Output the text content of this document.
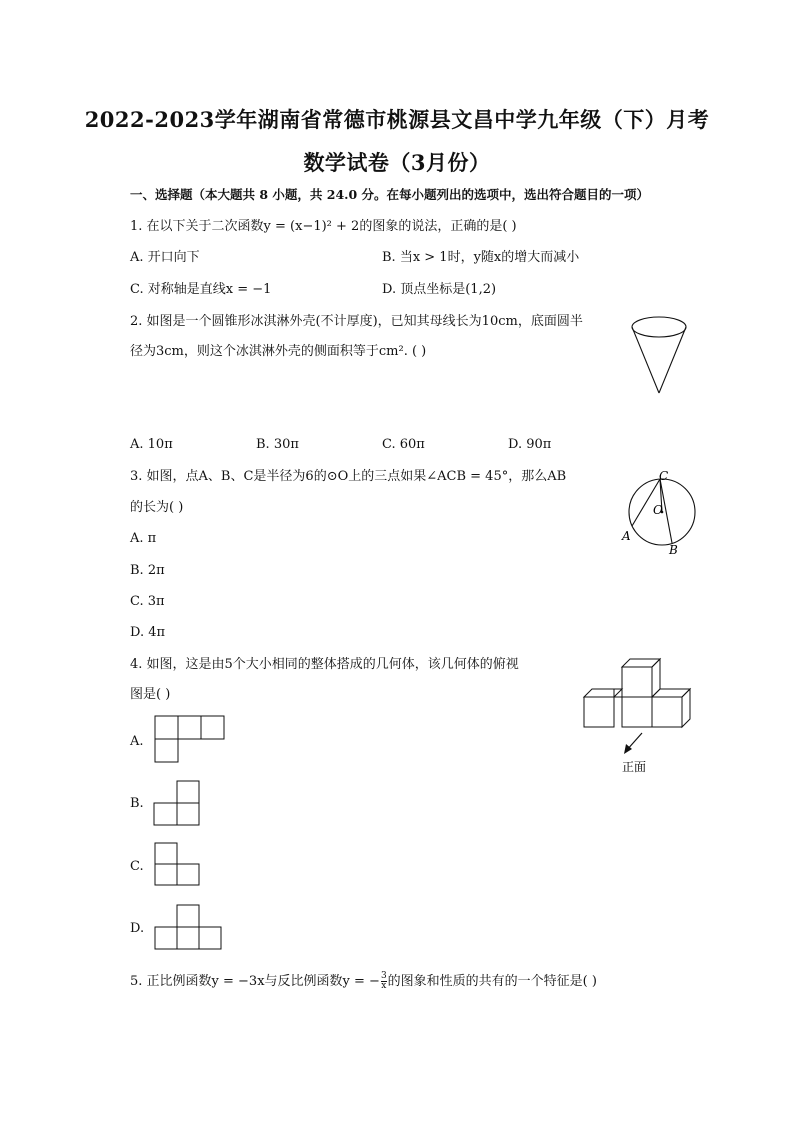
2022-2023学年湖南省常德市桃源县文昌中学九年级（下）月考
数学试卷（3月份）
一、选择题（本大题共 8 小题，共 24.0 分。在每小题列出的选项中，选出符合题目的一项）
1. 在以下关于二次函数y = (x−1)² + 2的图象的说法，正确的是( )
A. 开口向下	B. 当x > 1时，y随x的增大而减小
C. 对称轴是直线x = −1	D. 顶点坐标是(1,2)
2. 如图是一个圆锥形冰淇淋外壳(不计厚度)，已知其母线长为10cm，底面圆半
径为3cm，则这个冰淇淋外壳的侧面积等于cm². ( )
A. 10π	B. 30π	C. 60π	D. 90π
3. 如图，点A、B、C是半径为6的⊙O上的三点如果∠ACB = 45°，那么AB
的长为( )
C
O
A
B
A. π
B. 2π
C. 3π
D. 4π
4. 如图，这是由5个大小相同的整体搭成的几何体，该几何体的俯视
图是( )
正面
A.
B.
C.
D.
5. 正比例函数y = −3x与反比例函数y = − $\frac{3}{x}$ 的图象和性质的共有的一个特征是( )
